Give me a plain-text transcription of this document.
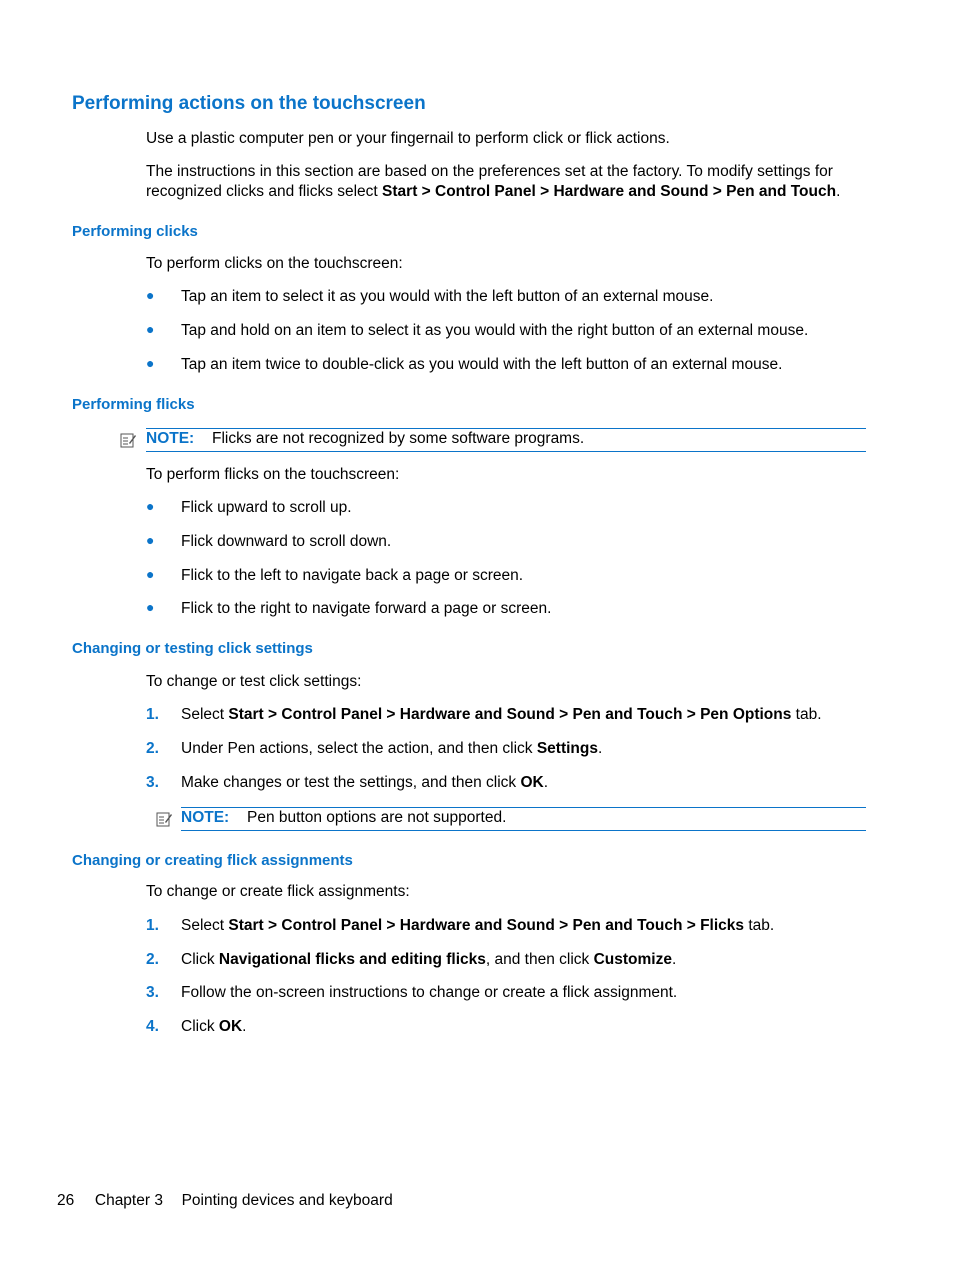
Performing actions on the touchscreen
Use a plastic computer pen or your fingernail to perform click or flick actions.
The instructions in this section are based on the preferences set at the factory. To modify settings for
recognized clicks and flicks select Start > Control Panel > Hardware and Sound > Pen and Touch.
Performing clicks
To perform clicks on the touchscreen:
● Tap an item to select it as you would with the left button of an external mouse.
● Tap and hold on an item to select it as you would with the right button of an external mouse.
● Tap an item twice to double-click as you would with the left button of an external mouse.
Performing flicks
NOTE: Flicks are not recognized by some software programs.
To perform flicks on the touchscreen:
● Flick upward to scroll up.
● Flick downward to scroll down.
● Flick to the left to navigate back a page or screen.
● Flick to the right to navigate forward a page or screen.
Changing or testing click settings
To change or test click settings:
1. Select Start > Control Panel > Hardware and Sound > Pen and Touch > Pen Options tab.
2. Under Pen actions, select the action, and then click Settings.
3. Make changes or test the settings, and then click OK.
NOTE: Pen button options are not supported.
Changing or creating flick assignments
To change or create flick assignments:
1. Select Start > Control Panel > Hardware and Sound > Pen and Touch > Flicks tab.
2. Click Navigational flicks and editing flicks, and then click Customize.
3. Follow the on-screen instructions to change or create a flick assignment.
4. Click OK.
26 Chapter 3 Pointing devices and keyboard
